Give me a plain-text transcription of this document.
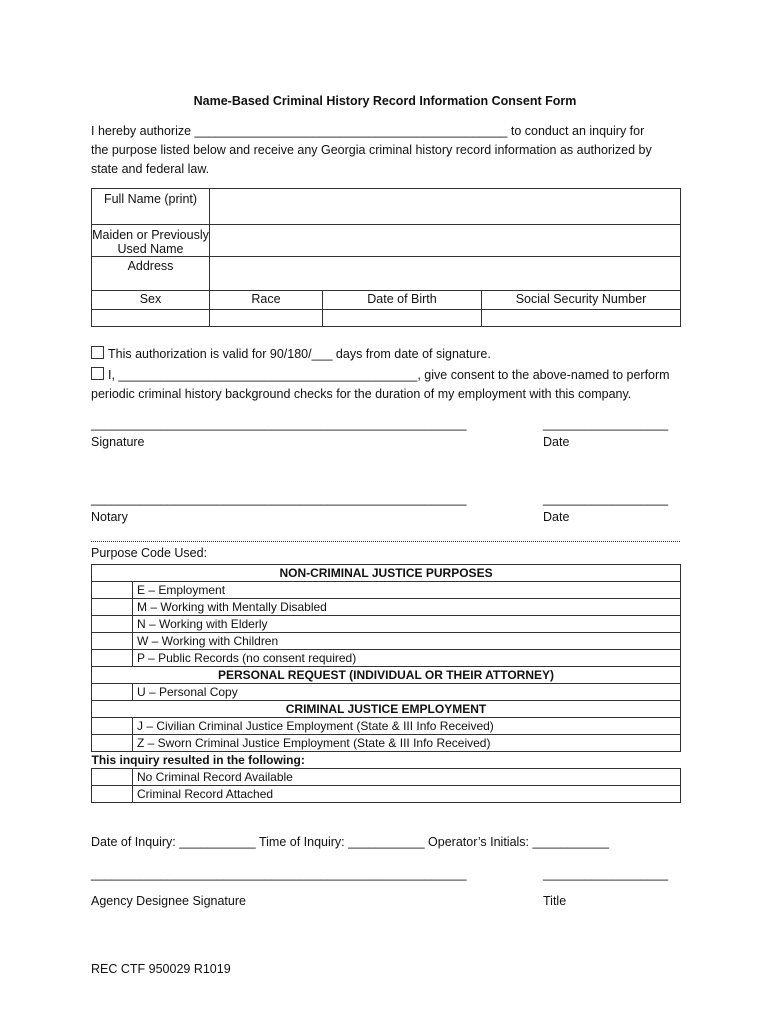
Name-Based Criminal History Record Information Consent Form
I hereby authorize _____________________________________________ to conduct an inquiry for
the purpose listed below and receive any Georgia criminal history record information as authorized by
state and federal law.
Full Name (print)			

Maiden or Previously
Used Name			

Address			
Sex	Race	Date of Birth	Social Security Number

This authorization is valid for 90/180/___ days from date of signature.
I, ___________________________________________, give consent to the above-named to perform
periodic criminal history background checks for the duration of my employment with this company.
______________________________________________________	__________________
Signature	Date
______________________________________________________	__________________
Notary	Date
Purpose Code Used:
NON-CRIMINAL JUSTICE PURPOSES	
	E – Employment
	M – Working with Mentally Disabled
	N – Working with Elderly
	W – Working with Children
	P – Public Records (no consent required)
PERSONAL REQUEST (INDIVIDUAL OR THEIR ATTORNEY)	
	U – Personal Copy
CRIMINAL JUSTICE EMPLOYMENT	
	J – Civilian Criminal Justice Employment (State & III Info Received)
	Z – Sworn Criminal Justice Employment (State & III Info Received)
This inquiry resulted in the following:	
	No Criminal Record Available
	Criminal Record Attached
Date of Inquiry: ___________ Time of Inquiry: ___________ Operator’s Initials: ___________
______________________________________________________	__________________
Agency Designee Signature	Title
REC CTF 950029 R1019
